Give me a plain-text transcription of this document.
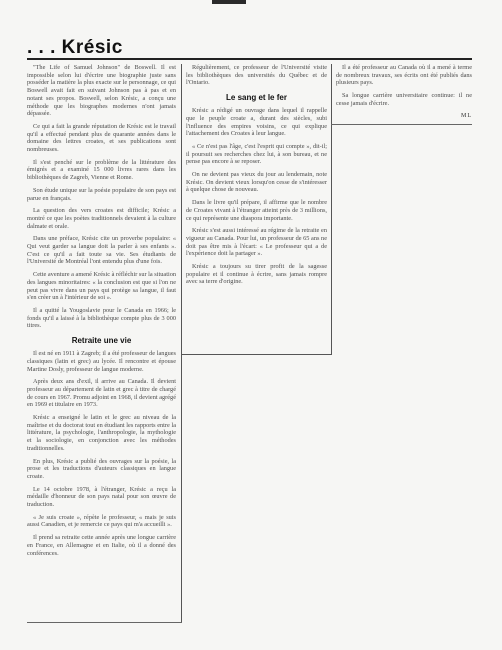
. . . Krésic

"The Life of Samuel Johnson" de Boswell. Il est impossible selon lui d'écrire une biographie juste sans posséder la matière la plus exacte sur le personnage, ce qui Boswell avait fait en suivant Johnson pas à pas et en notant ses propos. Boswell, selon Krésic, a conçu une méthode que les biographes modernes n'ont jamais dépassée.

Ce qui a fait la grande réputation de Krésic est le travail qu'il a effectué pendant plus de quarante années dans le domaine des lettres croates, et ses publications sont nombreuses.

Il s'est penché sur le problème de la littérature des émigrés et a examiné 15 000 livres rares dans les bibliothèques de Zagreb, Vienne et Rome.

Son étude unique sur la poésie populaire de son pays est parue en français.

La question des vers croates est difficile; Krésic a montré ce que les poètes traditionnels devaient à la culture dalmate et orale.

Dans une préface, Krésic cite un proverbe populaire: « Qui veut garder sa langue doit la parler à ses enfants ». C'est ce qu'il a fait toute sa vie. Ses étudiants de l'Université de Montréal l'ont entendu plus d'une fois.

Cette aventure a amené Krésic à réfléchir sur la situation des langues minoritaires: « la conclusion est que si l'on ne peut pas vivre dans un pays qui protège sa langue, il faut s'en créer un à l'intérieur de soi ».

Il a quitté la Yougoslavie pour le Canada en 1966; le fonds qu'il a laissé à la bibliothèque compte plus de 3 000 titres.

Retraite une vie

Il est né en 1911 à Zagreb; il a été professeur de langues classiques (latin et grec) au lycée. Il rencontre et épouse Martine Dosly, professeur de langue moderne.

Après deux ans d'exil, il arrive au Canada. Il devient professeur au département de latin et grec à titre de chargé de cours en 1967. Promu adjoint en 1968, il devient agrégé en 1969 et titulaire en 1973.

Krésic a enseigné le latin et le grec au niveau de la maîtrise et du doctorat tout en étudiant les rapports entre la littérature, la psychologie, l'anthropologie, la mythologie et la sociologie, en conjonction avec les méthodes traditionnelles.

En plus, Krésic a publié des ouvrages sur la poésie, la prose et les traductions d'auteurs classiques en langue croate.

Le 14 octobre 1978, à l'étranger, Krésic a reçu la médaille d'honneur de son pays natal pour son œuvre de traduction.

« Je suis croate », répète le professeur, « mais je suis aussi Canadien, et je remercie ce pays qui m'a accueilli ».

Il prend sa retraite cette année après une longue carrière en France, en Allemagne et en Italie, où il a donné des conférences.

Régulièrement, ce professeur de l'Université visite les bibliothèques des universités du Québec et de l'Ontario.

Le sang et le fer

Krésic a rédigé un ouvrage dans lequel il rappelle que le peuple croate a, durant des siècles, subi l'influence des empires voisins, ce qui explique l'attachement des Croates à leur langue.

« Ce n'est pas l'âge, c'est l'esprit qui compte », dit-il; il poursuit ses recherches chez lui, à son bureau, et ne pense pas encore à se reposer.

On ne devient pas vieux du jour au lendemain, note Krésic. On devient vieux lorsqu'on cesse de s'intéresser à quelque chose de nouveau.

Dans le livre qu'il prépare, il affirme que le nombre de Croates vivant à l'étranger atteint près de 3 millions, ce qui représente une diaspora importante.

Krésic s'est aussi intéressé au régime de la retraite en vigueur au Canada. Pour lui, un professeur de 65 ans ne doit pas être mis à l'écart: « Le professeur qui a de l'expérience doit la partager ».

Krésic a toujours su tirer profit de la sagesse populaire et il continue à écrire, sans jamais rompre avec sa terre d'origine.

Il a été professeur au Canada où il a mené à terme de nombreux travaux, ses écrits ont été publiés dans plusieurs pays.

Sa longue carrière universitaire continue: il ne cesse jamais d'écrire.

ML
